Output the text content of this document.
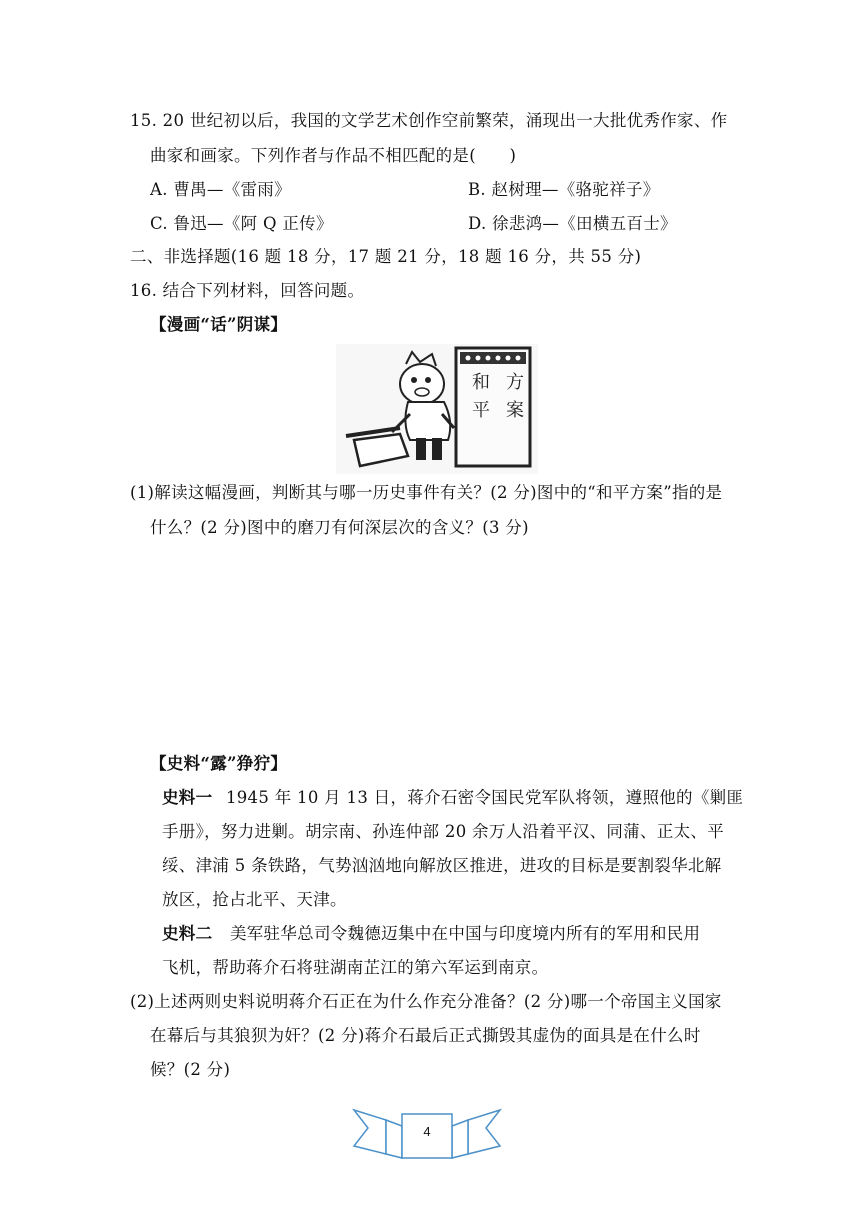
15. 20 世纪初以后，我国的文学艺术创作空前繁荣，涌现出一大批优秀作家、作
曲家和画家。下列作者与作品不相匹配的是(　　)
A. 曹禺—《雷雨》	B. 赵树理—《骆驼祥子》
C. 鲁迅—《阿 Q 正传》	D. 徐悲鸿—《田横五百士》
二、非选择题(16 题 18 分，17 题 21 分，18 题 16 分，共 55 分)
16. 结合下列材料，回答问题。
【漫画“话”阴谋】
和 方
平 案
(1)解读这幅漫画，判断其与哪一历史事件有关？(2 分)图中的“和平方案”指的是
什么？(2 分)图中的磨刀有何深层次的含义？(3 分)
【史料“露”狰狞】
史料一 1945 年 10 月 13 日，蒋介石密令国民党军队将领，遵照他的《剿匪
手册》，努力进剿。胡宗南、孙连仲部 20 余万人沿着平汉、同蒲、正太、平
绥、津浦 5 条铁路，气势汹汹地向解放区推进，进攻的目标是要割裂华北解
放区，抢占北平、天津。
史料二 美军驻华总司令魏德迈集中在中国与印度境内所有的军用和民用
飞机，帮助蒋介石将驻湖南芷江的第六军运到南京。
(2)上述两则史料说明蒋介石正在为什么作充分准备？(2 分)哪一个帝国主义国家
在幕后与其狼狈为奸？(2 分)蒋介石最后正式撕毁其虚伪的面具是在什么时
候？(2 分)
4
